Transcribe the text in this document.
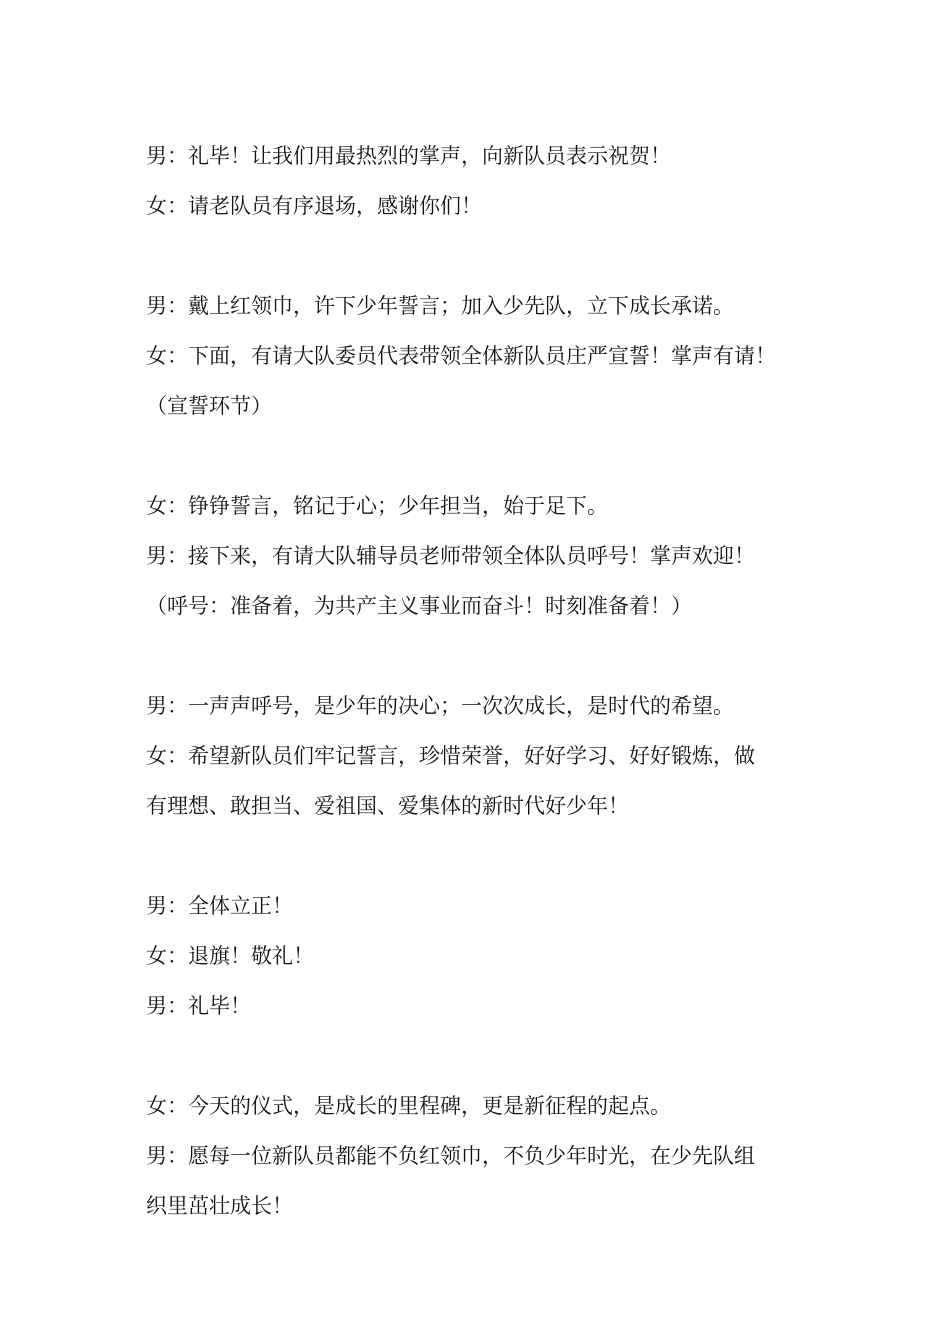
男：礼毕！让我们用最热烈的掌声，向新队员表示祝贺！
女：请老队员有序退场，感谢你们！
男：戴上红领巾，许下少年誓言；加入少先队，立下成长承诺。
女：下面，有请大队委员代表带领全体新队员庄严宣誓！掌声有请！
（宣誓环节）
女：铮铮誓言，铭记于心；少年担当，始于足下。
男：接下来，有请大队辅导员老师带领全体队员呼号！掌声欢迎！
（呼号：准备着，为共产主义事业而奋斗！时刻准备着！）
男：一声声呼号，是少年的决心；一次次成长，是时代的希望。
女：希望新队员们牢记誓言，珍惜荣誉，好好学习、好好锻炼，做
有理想、敢担当、爱祖国、爱集体的新时代好少年！
男：全体立正！
女：退旗！敬礼！
男：礼毕！
女：今天的仪式，是成长的里程碑，更是新征程的起点。
男：愿每一位新队员都能不负红领巾，不负少年时光，在少先队组
织里茁壮成长！
